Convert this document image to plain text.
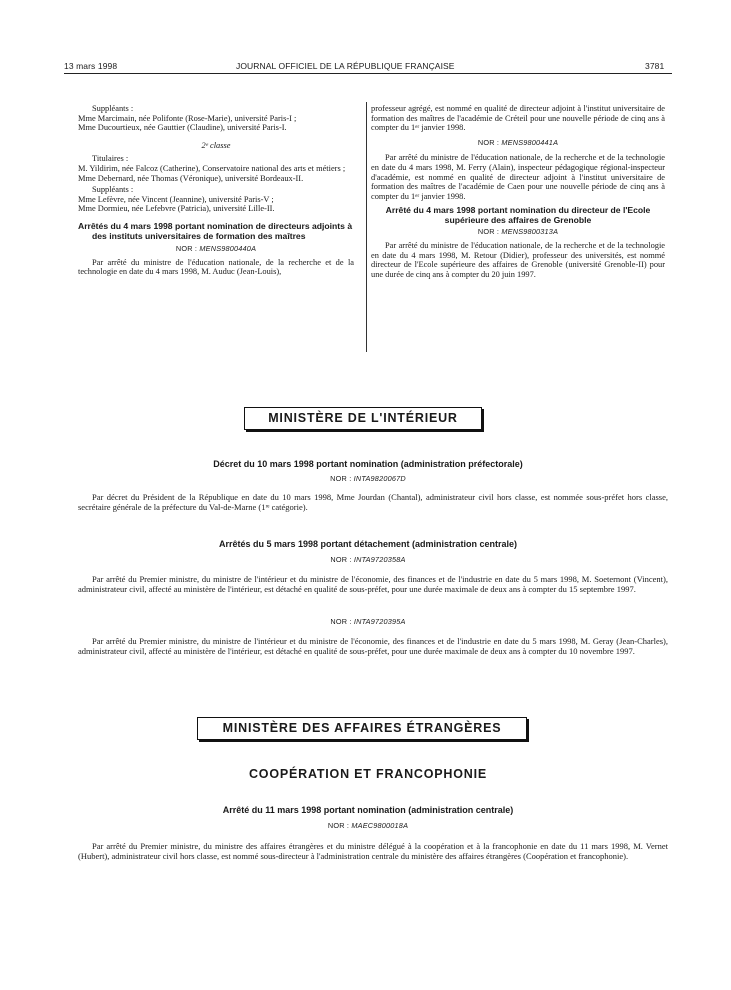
13 mars 1998	JOURNAL OFFICIEL DE LA RÉPUBLIQUE FRANÇAISE	3781

Suppléants :

Mme Marcimain, née Polifonte (Rose-Marie), université Paris-I ;

Mme Ducourtieux, née Gauttier (Claudine), université Paris-I.

2ᵉ classe

Titulaires :

M. Yildirim, née Falcoz (Catherine), Conservatoire national des arts et métiers ;

Mme Debernard, née Thomas (Véronique), université Bordeaux-II.

Suppléants :

Mme Lefèvre, née Vincent (Jeannine), université Paris-V ;

Mme Dormieu, née Lefebvre (Patricia), université Lille-II.

Arrêtés du 4 mars 1998 portant nomination de directeurs adjoints à des instituts universitaires de formation des maîtres

NOR : MENS9800440A

Par arrêté du ministre de l'éducation nationale, de la recherche et de la technologie en date du 4 mars 1998, M. Auduc (Jean-Louis),

professeur agrégé, est nommé en qualité de directeur adjoint à l'institut universitaire de formation des maîtres de l'académie de Créteil pour une nouvelle période de cinq ans à compter du 1ᵉʳ janvier 1998.

NOR : MENS9800441A

Par arrêté du ministre de l'éducation nationale, de la recherche et de la technologie en date du 4 mars 1998, M. Ferry (Alain), inspecteur pédagogique régional-inspecteur d'académie, est nommé en qualité de directeur adjoint à l'institut universitaire de formation des maîtres de l'académie de Caen pour une nouvelle période de cinq ans à compter du 1ᵉʳ janvier 1998.

Arrêté du 4 mars 1998 portant nomination du directeur de l'Ecole supérieure des affaires de Grenoble

NOR : MENS9800313A

Par arrêté du ministre de l'éducation nationale, de la recherche et de la technologie en date du 4 mars 1998, M. Retour (Didier), professeur des universités, est nommé directeur de l'Ecole supérieure des affaires de Grenoble (université Grenoble-II) pour une durée de cinq ans à compter du 20 juin 1997.

MINISTÈRE DE L'INTÉRIEUR
Décret du 10 mars 1998 portant nomination (administration préfectorale)
NOR : INTA9820067D

Par décret du Président de la République en date du 10 mars 1998, Mme Jourdan (Chantal), administrateur civil hors classe, est nommée sous-préfet hors classe, secrétaire générale de la préfecture du Val-de-Marne (1ʳᵉ catégorie).

Arrêtés du 5 mars 1998 portant détachement (administration centrale)
NOR : INTA9720358A

Par arrêté du Premier ministre, du ministre de l'intérieur et du ministre de l'économie, des finances et de l'industrie en date du 5 mars 1998, M. Soeternont (Vincent), administrateur civil, affecté au ministère de l'intérieur, est détaché en qualité de sous-préfet, pour une durée maximale de deux ans à compter du 15 septembre 1997.

NOR : INTA9720395A

Par arrêté du Premier ministre, du ministre de l'intérieur et du ministre de l'économie, des finances et de l'industrie en date du 5 mars 1998, M. Geray (Jean-Charles), administrateur civil, affecté au ministère de l'intérieur, est détaché en qualité de sous-préfet, pour une durée maximale de deux ans à compter du 10 novembre 1997.

MINISTÈRE DES AFFAIRES ÉTRANGÈRES
COOPÉRATION ET FRANCOPHONIE
Arrêté du 11 mars 1998 portant nomination (administration centrale)
NOR : MAEC9800018A

Par arrêté du Premier ministre, du ministre des affaires étrangères et du ministre délégué à la coopération et à la francophonie en date du 11 mars 1998, M. Vernet (Hubert), administrateur civil hors classe, est nommé sous-directeur à l'administration centrale du ministère des affaires étrangères (Coopération et francophonie).
